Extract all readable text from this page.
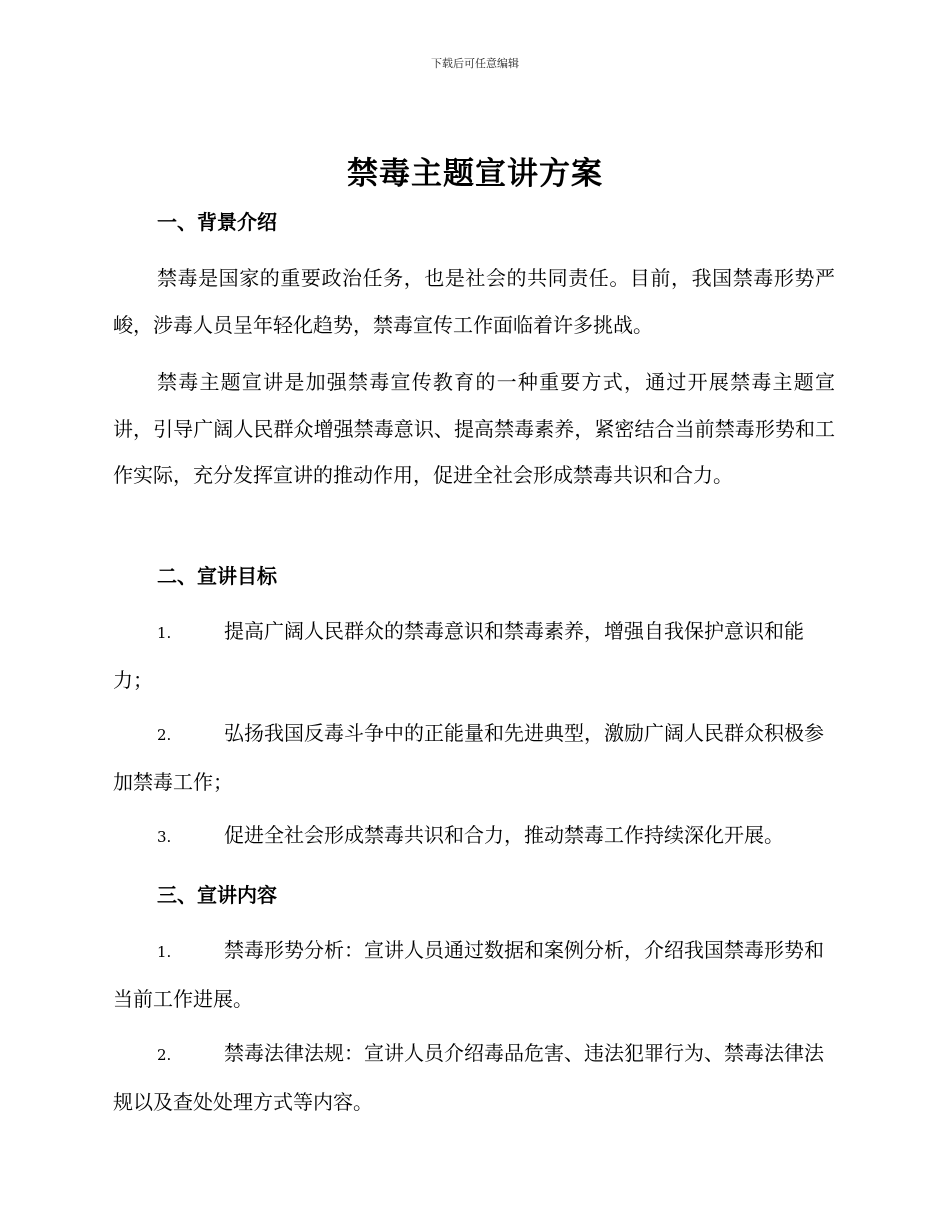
下载后可任意编辑
禁毒主题宣讲方案
一、背景介绍
禁毒是国家的重要政治任务，也是社会的共同责任。目前，我国禁毒形势严峻，涉毒人员呈年轻化趋势，禁毒宣传工作面临着许多挑战。
禁毒主题宣讲是加强禁毒宣传教育的一种重要方式，通过开展禁毒主题宣讲，引导广阔人民群众增强禁毒意识、提高禁毒素养，紧密结合当前禁毒形势和工作实际，充分发挥宣讲的推动作用，促进全社会形成禁毒共识和合力。
二、宣讲目标
1.	提高广阔人民群众的禁毒意识和禁毒素养，增强自我保护意识和能力；
2.	弘扬我国反毒斗争中的正能量和先进典型，激励广阔人民群众积极参加禁毒工作；
3.	促进全社会形成禁毒共识和合力，推动禁毒工作持续深化开展。
三、宣讲内容
1.	禁毒形势分析：宣讲人员通过数据和案例分析，介绍我国禁毒形势和当前工作进展。
2.	禁毒法律法规：宣讲人员介绍毒品危害、违法犯罪行为、禁毒法律法规以及查处处理方式等内容。
